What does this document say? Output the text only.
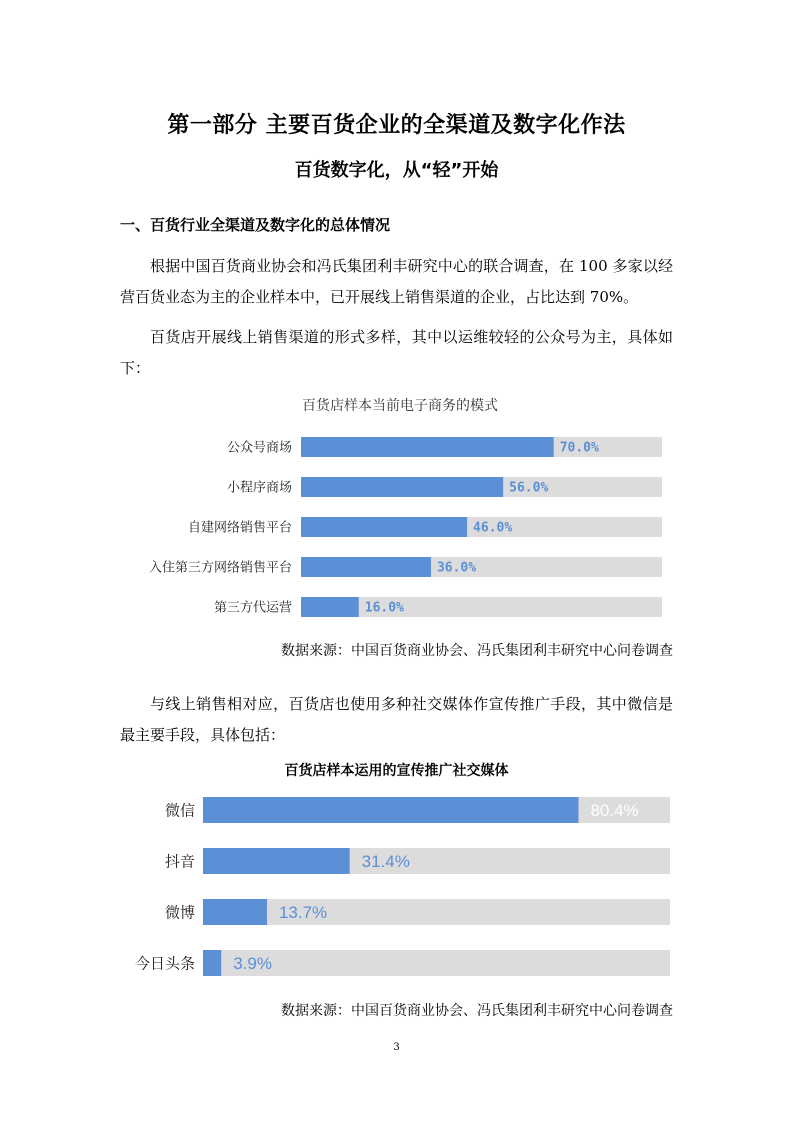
第一部分 主要百货企业的全渠道及数字化作法
百货数字化，从“轻”开始
一、百货行业全渠道及数字化的总体情况
根据中国百货商业协会和冯氏集团利丰研究中心的联合调查，在 100 多家以经营百货业态为主的企业样本中，已开展线上销售渠道的企业，占比达到 70%。
百货店开展线上销售渠道的形式多样，其中以运维较轻的公众号为主，具体如下：
百货店样本当前电子商务的模式
数据来源：中国百货商业协会、冯氏集团利丰研究中心问卷调查
与线上销售相对应，百货店也使用多种社交媒体作宣传推广手段，其中微信是最主要手段，具体包括：
百货店样本运用的宣传推广社交媒体
数据来源：中国百货商业协会、冯氏集团利丰研究中心问卷调查
3
公众号商场	70.0%
小程序商场	56.0%
自建网络销售平台	46.0%
入住第三方网络销售平台	36.0%
第三方代运营	16.0%
微信	80.4%
抖音	31.4%
微博	13.7%
今日头条 3.9%
